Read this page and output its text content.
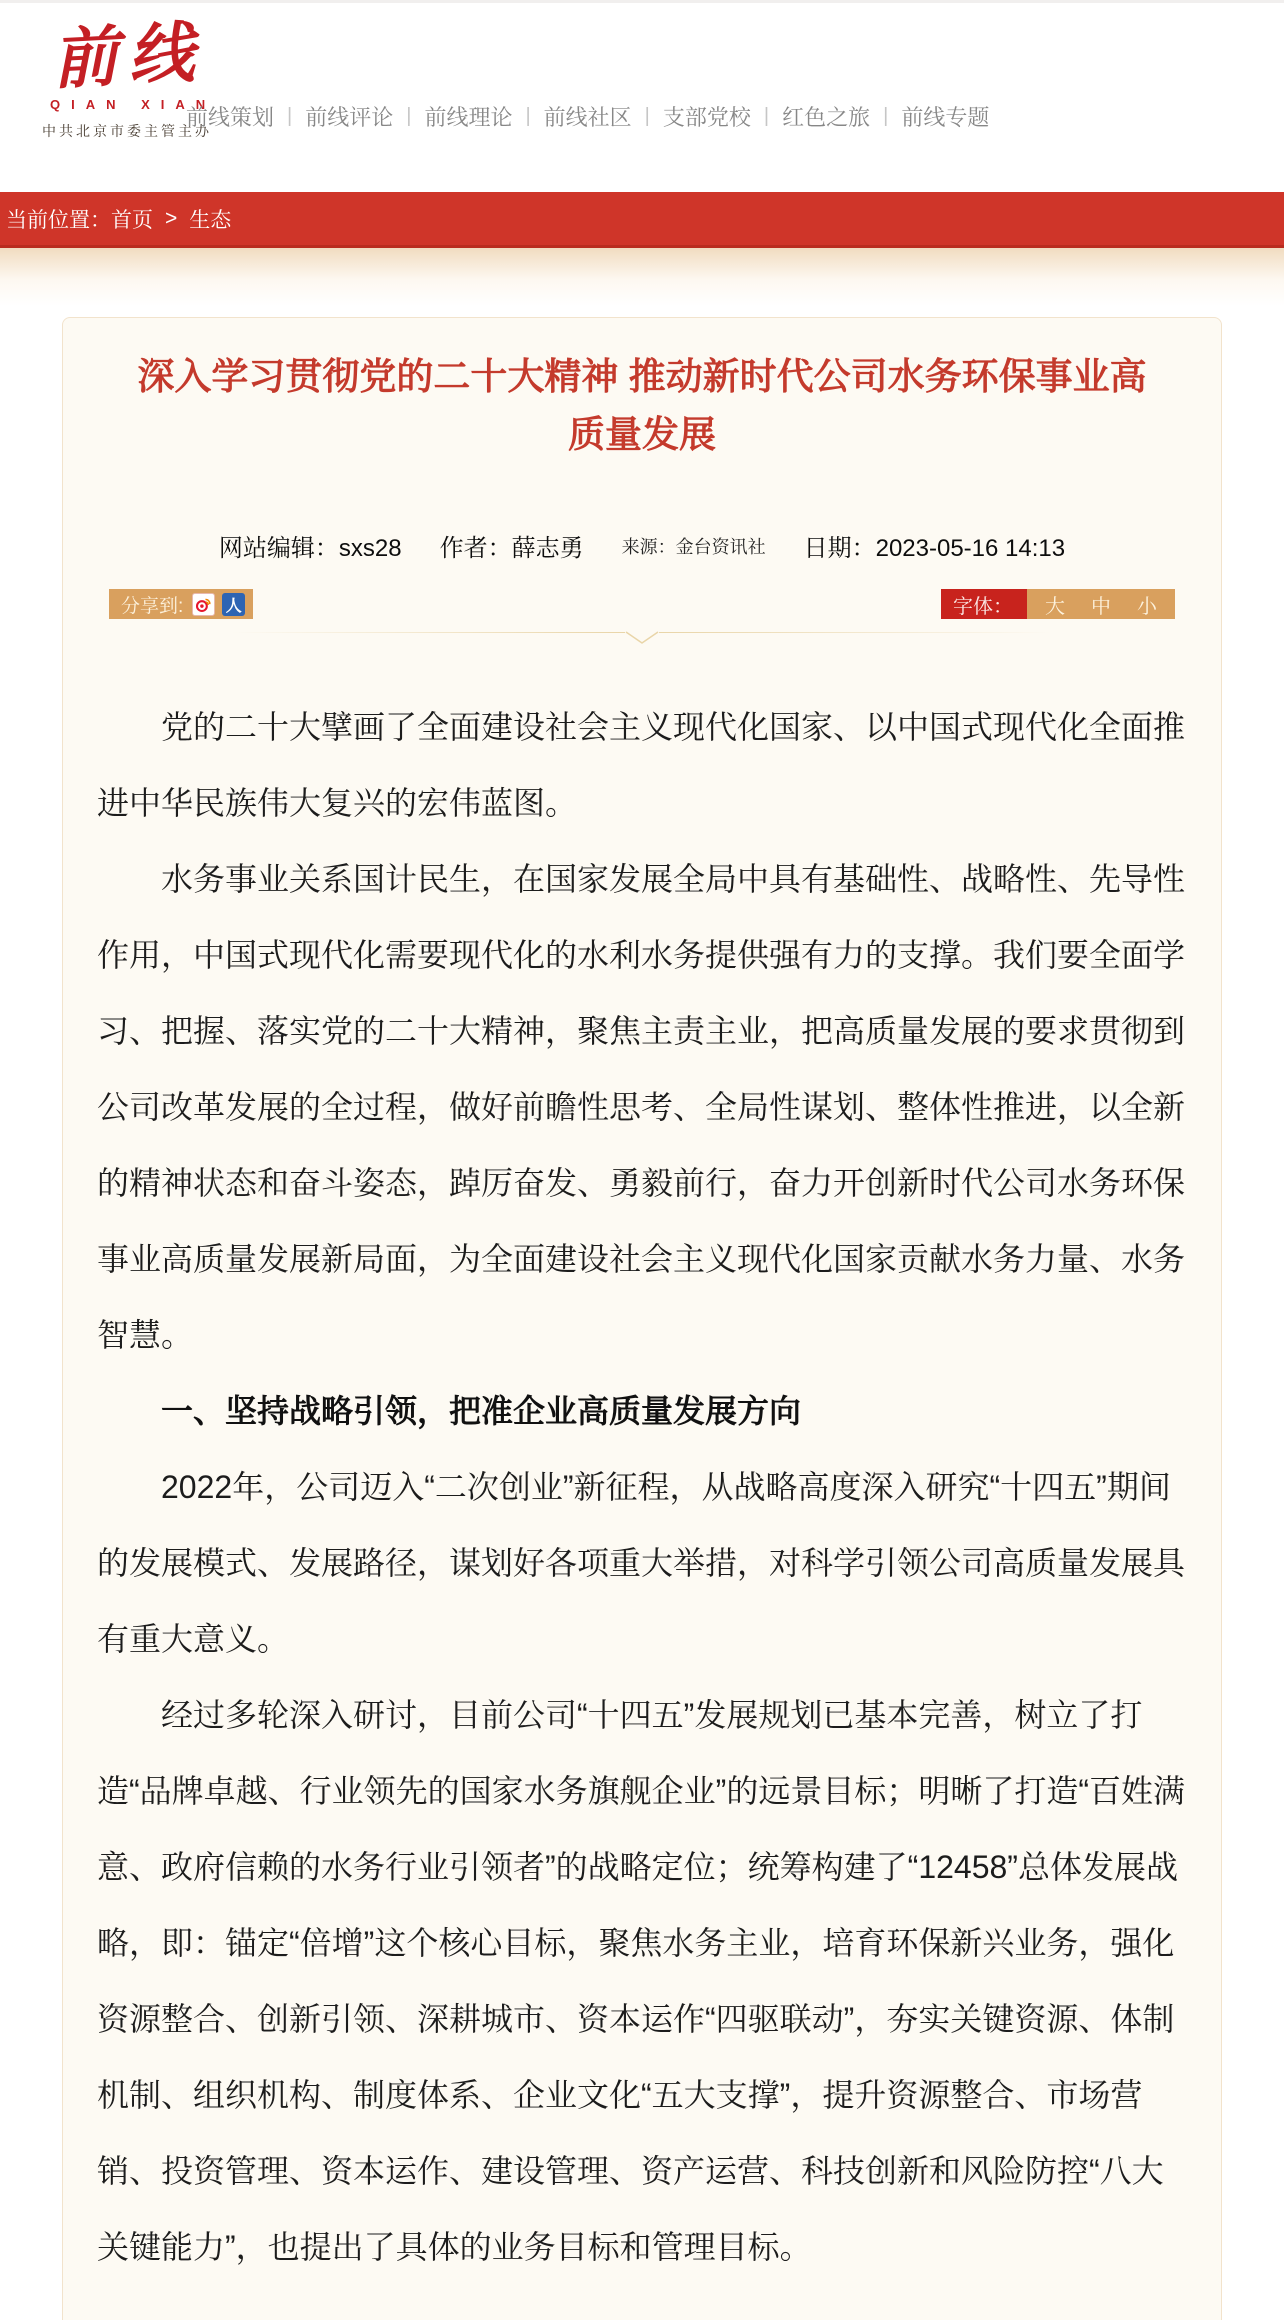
前线
QIAN XIAN
中共北京市委主管主办
前线策划 | 前线评论 | 前线理论 | 前线社区 | 支部党校 | 红色之旅 | 前线专题
当前位置： 首页 > 生态
深入学习贯彻党的二十大精神 推动新时代公司水务环保事业高质量发展
网站编辑：sxs28 作者：薛志勇 来源：金台资讯社 日期：2023-05-16 14:13
分享到:	人	字体：	大 中 小

党的二十大擘画了全面建设社会主义现代化国家、以中国式现代化全面推进中华民族伟大复兴的宏伟蓝图。

水务事业关系国计民生，在国家发展全局中具有基础性、战略性、先导性作用，中国式现代化需要现代化的水利水务提供强有力的支撑。我们要全面学习、把握、落实党的二十大精神，聚焦主责主业，把高质量发展的要求贯彻到公司改革发展的全过程，做好前瞻性思考、全局性谋划、整体性推进，以全新的精神状态和奋斗姿态，踔厉奋发、勇毅前行，奋力开创新时代公司水务环保事业高质量发展新局面，为全面建设社会主义现代化国家贡献水务力量、水务智慧。

一、坚持战略引领，把准企业高质量发展方向

2022年，公司迈入“二次创业”新征程，从战略高度深入研究“十四五”期间的发展模式、发展路径，谋划好各项重大举措，对科学引领公司高质量发展具有重大意义。

经过多轮深入研讨，目前公司“十四五”发展规划已基本完善，树立了打造“品牌卓越、行业领先的国家水务旗舰企业”的远景目标；明晰了打造“百姓满意、政府信赖的水务行业引领者”的战略定位；统筹构建了“12458”总体发展战略，即：锚定“倍增”这个核心目标，聚焦水务主业，培育环保新兴业务，强化资源整合、创新引领、深耕城市、资本运作“四驱联动”，夯实关键资源、体制机制、组织机构、制度体系、企业文化“五大支撑”，提升资源整合、市场营销、投资管理、资本运作、建设管理、资产运营、科技创新和风险防控“八大关键能力”，也提出了具体的业务目标和管理目标。
